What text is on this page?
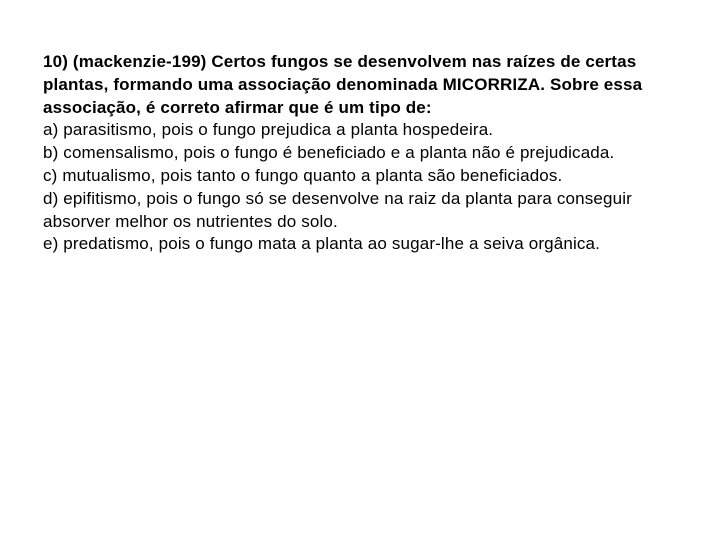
10) (mackenzie-199) Certos fungos se desenvolvem nas raízes de certas plantas, formando uma associação denominada MICORRIZA. Sobre essa associação, é correto afirmar que é um tipo de:

a) parasitismo, pois o fungo prejudica a planta hospedeira.
b) comensalismo, pois o fungo é beneficiado e a planta não é prejudicada.
c) mutualismo, pois tanto o fungo quanto a planta são beneficiados.
d) epifitismo, pois o fungo só se desenvolve na raiz da planta para conseguir absorver melhor os nutrientes do solo.
e) predatismo, pois o fungo mata a planta ao sugar-lhe a seiva orgânica.
